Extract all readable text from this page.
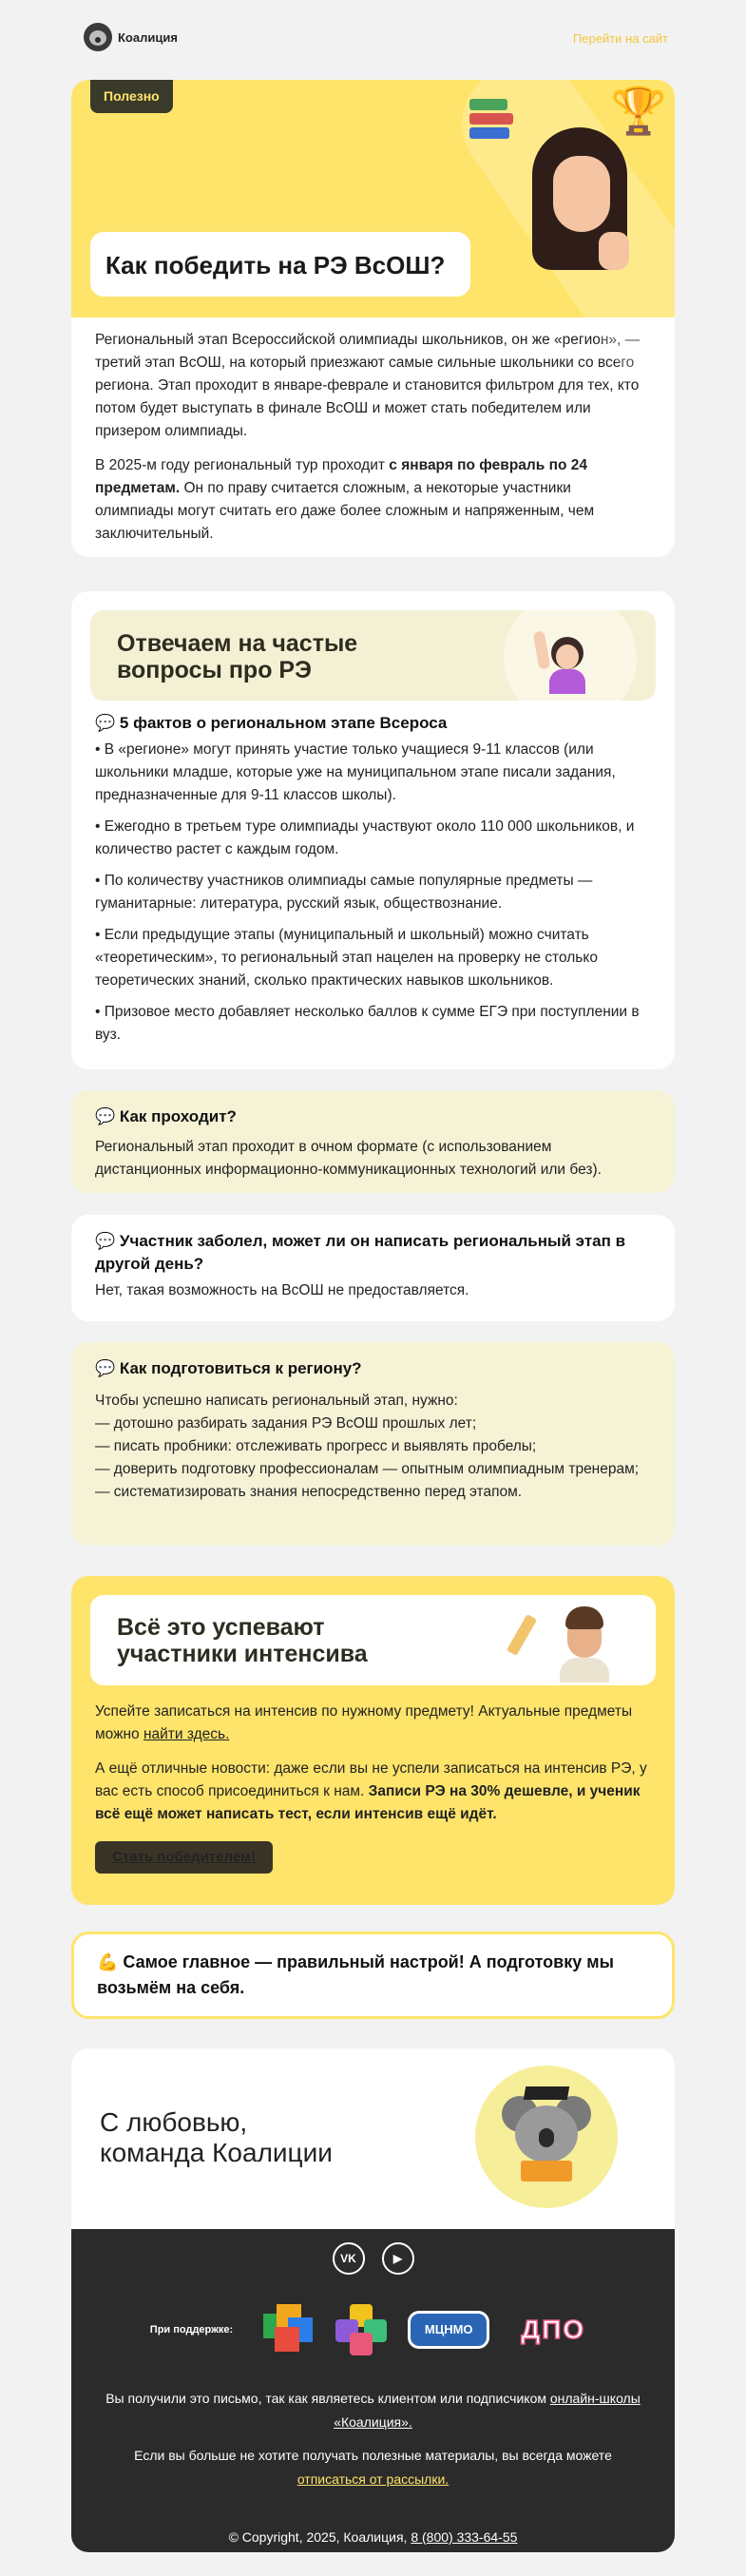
Коалиция	Перейти на сайт
Полезно	🏆
Как победить на РЭ ВсОШ?

Региональный этап Всероссийской олимпиады школьников, он же «регион», — третий этап ВсОШ, на который приезжают самые сильные школьники со всего региона. Этап проходит в январе-феврале и становится фильтром для тех, кто потом будет выступать в финале ВсОШ и может стать победителем или призером олимпиады.

В 2025-м году региональный тур проходит с января по февраль по 24 предметам. Он по праву считается сложным, а некоторые участники олимпиады могут считать его даже более сложным и напряженным, чем заключительный.

Отвечаем на частые
вопросы про РЭ
💬 5 фактов о региональном этапе Всероса

• В «регионе» могут принять участие только учащиеся 9-11 классов (или школьники младше, которые уже на муниципальном этапе писали задания, предназначенные для 9-11 классов школы).

• Ежегодно в третьем туре олимпиады участвуют около 110 000 школьников, и количество растет с каждым годом.

• По количеству участников олимпиады самые популярные предметы — гуманитарные: литература, русский язык, обществознание.

• Если предыдущие этапы (муниципальный и школьный) можно считать «теоретическим», то региональный этап нацелен на проверку не столько теоретических знаний, сколько практических навыков школьников.

• Призовое место добавляет несколько баллов к сумме ЕГЭ при поступлении в вуз.

💬 Как проходит?

Региональный этап проходит в очном формате (с использованием дистанционных информационно-коммуникационных технологий или без).

💬 Участник заболел, может ли он написать региональный этап в другой день?

Нет, такая возможность на ВсОШ не предоставляется.

💬 Как подготовиться к региону?

Чтобы успешно написать региональный этап, нужно:

— дотошно разбирать задания РЭ ВсОШ прошлых лет;

— писать пробники: отслеживать прогресс и выявлять пробелы;

— доверить подготовку профессионалам — опытным олимпиадным тренерам;

— систематизировать знания непосредственно перед этапом.

Всё это успевают
участники интенсива

Успейте записаться на интенсив по нужному предмету! Актуальные предметы можно найти здесь.

А ещё отличные новости: даже если вы не успели записаться на интенсив РЭ, у вас есть способ присоединиться к нам. Записи РЭ на 30% дешевле, и ученик всё ещё может написать тест, если интенсив ещё идёт.

Стать победителем!
💪 Самое главное — правильный настрой! А подготовку мы возьмём на себя.
С любовью,
команда Коалиции
VK	▶
При поддержке:	МЦНМО	ДПО

Вы получили это письмо, так как являетесь клиентом или подписчиком онлайн-школы «Коалиция».

Если вы больше не хотите получать полезные материалы, вы всегда можете отписаться от рассылки.

© Copyright, 2025, Коалиция, 8 (800) 333-64-55
